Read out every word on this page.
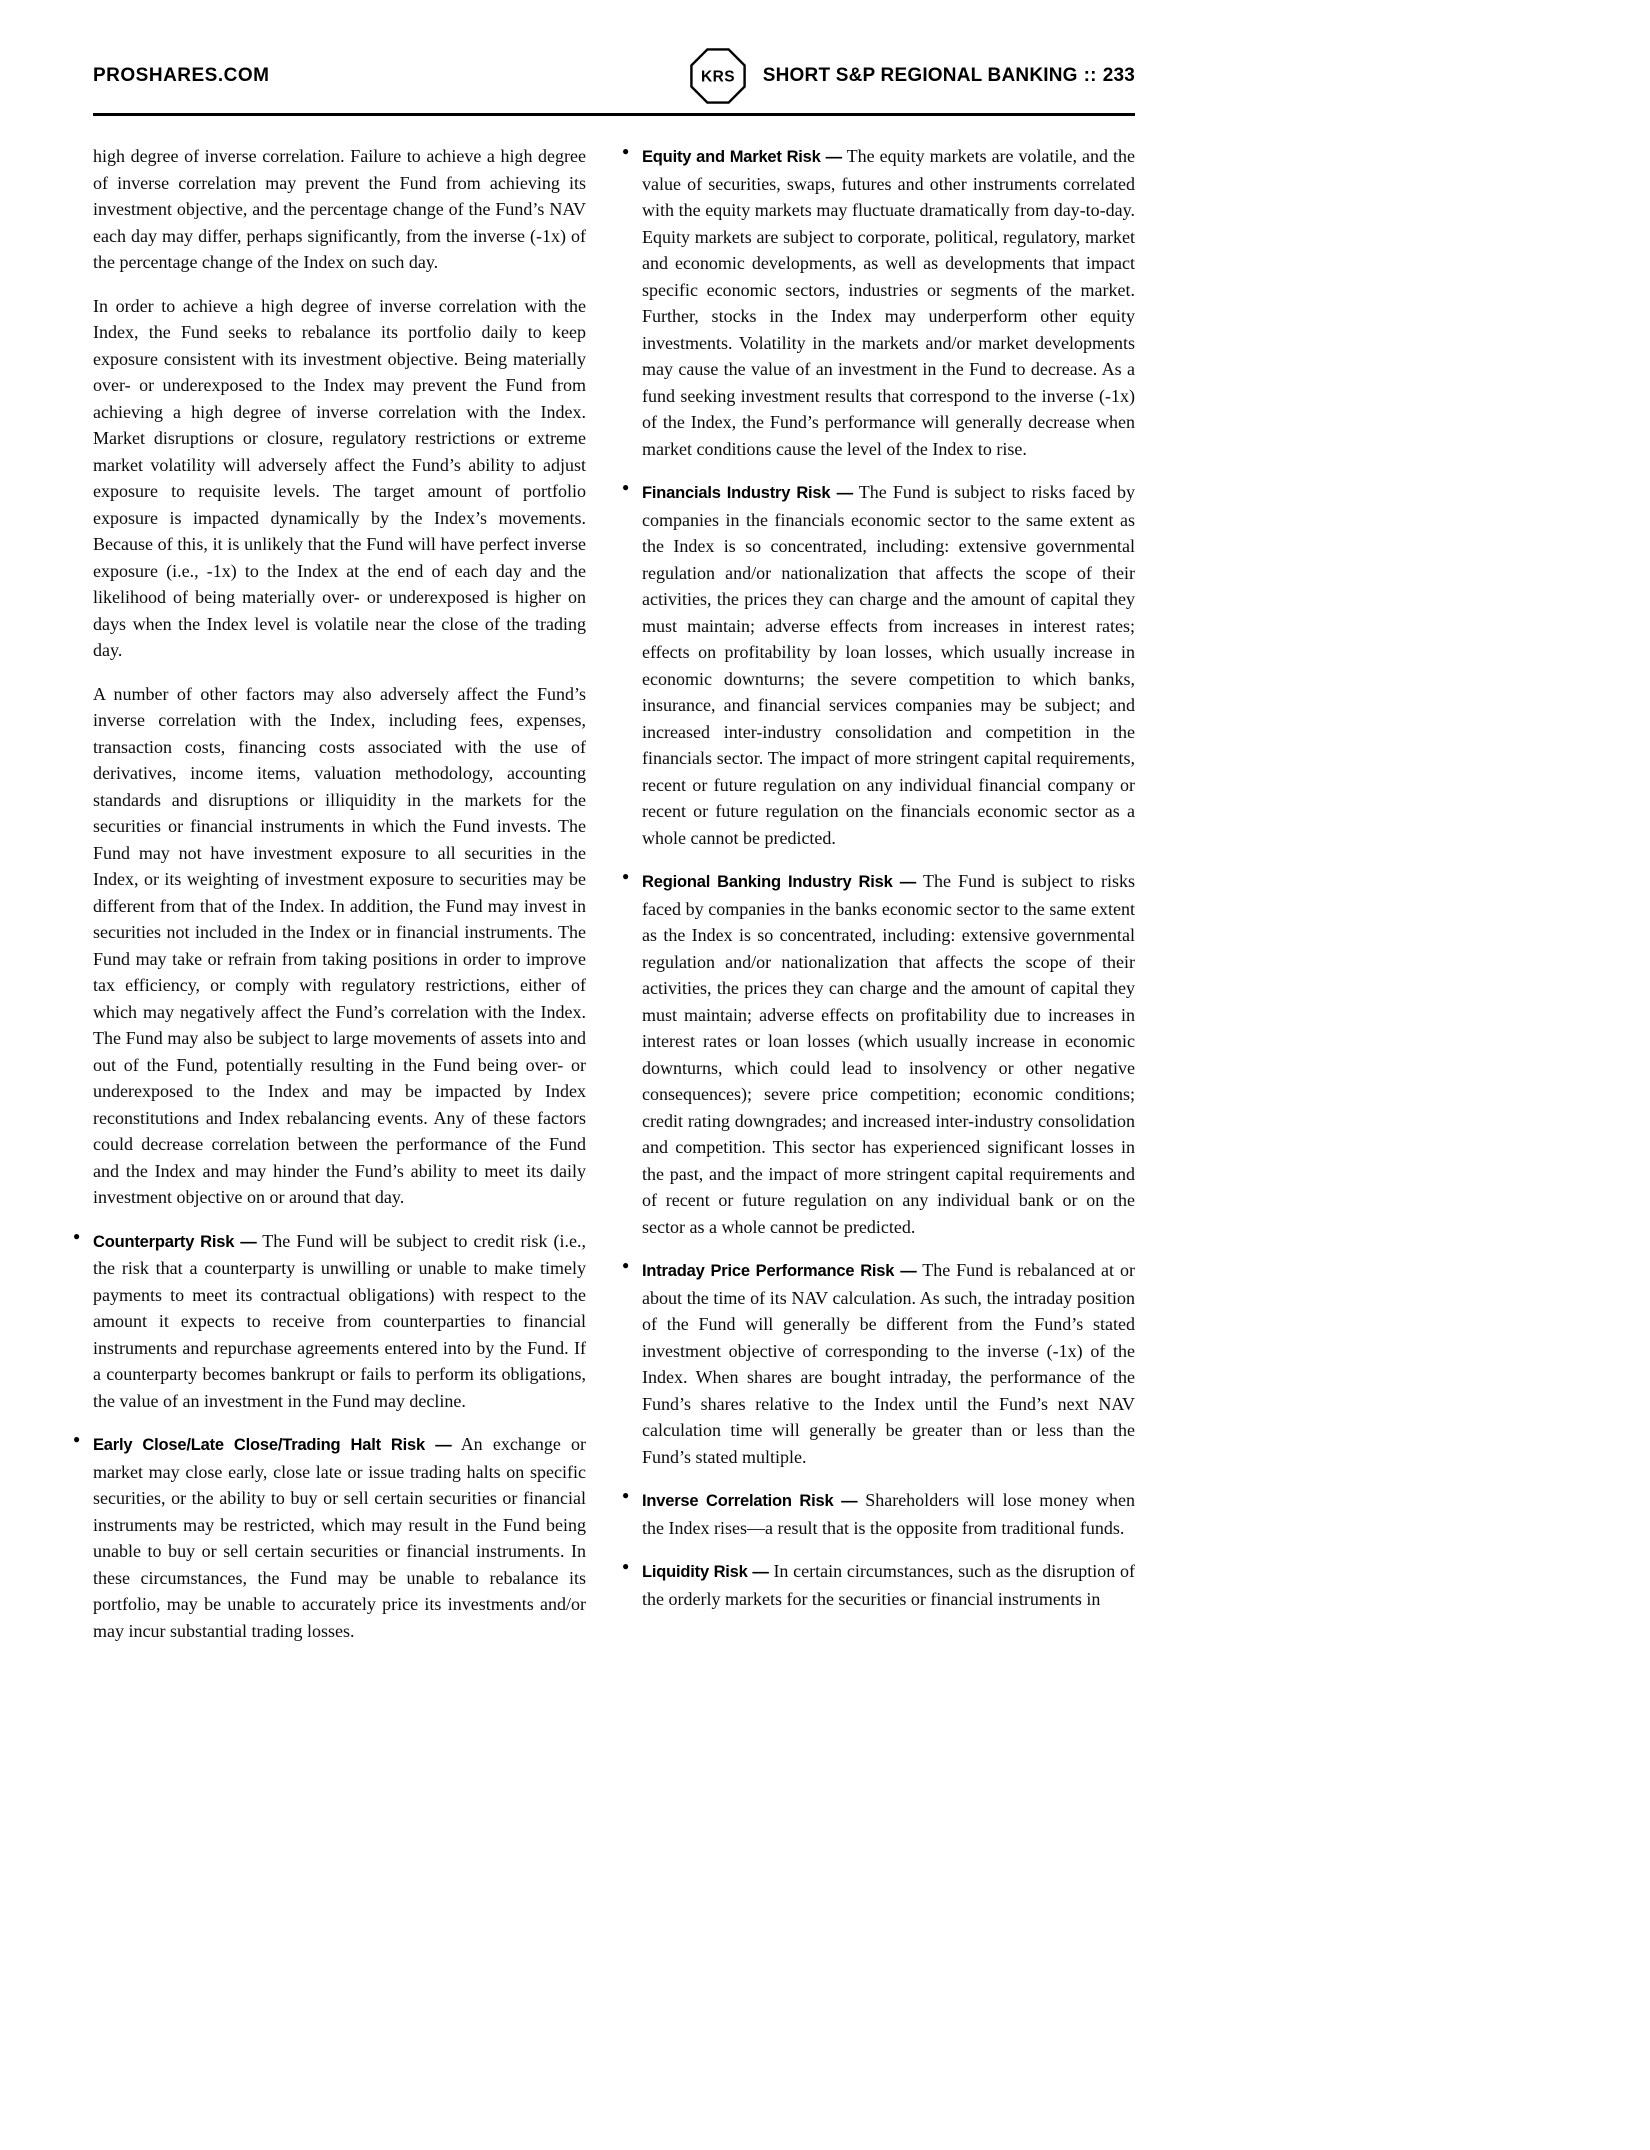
PROSHARES.COM	KRS SHORT S&P REGIONAL BANKING :: 233

high degree of inverse correlation. Failure to achieve a high degree of inverse correlation may prevent the Fund from achieving its investment objective, and the percentage change of the Fund’s NAV each day may differ, perhaps significantly, from the inverse (-1x) of the percentage change of the Index on such day.

In order to achieve a high degree of inverse correlation with the Index, the Fund seeks to rebalance its portfolio daily to keep exposure consistent with its investment objective. Being materially over- or underexposed to the Index may prevent the Fund from achieving a high degree of inverse correlation with the Index. Market disruptions or closure, regulatory restrictions or extreme market volatility will adversely affect the Fund’s ability to adjust exposure to requisite levels. The target amount of portfolio exposure is impacted dynamically by the Index’s movements. Because of this, it is unlikely that the Fund will have perfect inverse exposure (i.e., -1x) to the Index at the end of each day and the likelihood of being materially over- or underexposed is higher on days when the Index level is volatile near the close of the trading day.

A number of other factors may also adversely affect the Fund’s inverse correlation with the Index, including fees, expenses, transaction costs, financing costs associated with the use of derivatives, income items, valuation methodology, accounting standards and disruptions or illiquidity in the markets for the securities or financial instruments in which the Fund invests. The Fund may not have investment exposure to all securities in the Index, or its weighting of investment exposure to securities may be different from that of the Index. In addition, the Fund may invest in securities not included in the Index or in financial instruments. The Fund may take or refrain from taking positions in order to improve tax efficiency, or comply with regulatory restrictions, either of which may negatively affect the Fund’s correlation with the Index. The Fund may also be subject to large movements of assets into and out of the Fund, potentially resulting in the Fund being over- or underexposed to the Index and may be impacted by Index reconstitutions and Index rebalancing events. Any of these factors could decrease correlation between the performance of the Fund and the Index and may hinder the Fund’s ability to meet its daily investment objective on or around that day.

● Counterparty Risk — The Fund will be subject to credit risk (i.e., the risk that a counterparty is unwilling or unable to make timely payments to meet its contractual obligations) with respect to the amount it expects to receive from counterparties to financial instruments and repurchase agreements entered into by the Fund. If a counterparty becomes bankrupt or fails to perform its obligations, the value of an investment in the Fund may decline.
● Early Close/Late Close/Trading Halt Risk — An exchange or market may close early, close late or issue trading halts on specific securities, or the ability to buy or sell certain securities or financial instruments may be restricted, which may result in the Fund being unable to buy or sell certain securities or financial instruments. In these circumstances, the Fund may be unable to rebalance its portfolio, may be unable to accurately price its investments and/or may incur substantial trading losses.
● Equity and Market Risk — The equity markets are volatile, and the value of securities, swaps, futures and other instruments correlated with the equity markets may fluctuate dramatically from day-to-day. Equity markets are subject to corporate, political, regulatory, market and economic developments, as well as developments that impact specific economic sectors, industries or segments of the market. Further, stocks in the Index may underperform other equity investments. Volatility in the markets and/or market developments may cause the value of an investment in the Fund to decrease. As a fund seeking investment results that correspond to the inverse (-1x) of the Index, the Fund’s performance will generally decrease when market conditions cause the level of the Index to rise.
● Financials Industry Risk — The Fund is subject to risks faced by companies in the financials economic sector to the same extent as the Index is so concentrated, including: extensive governmental regulation and/or nationalization that affects the scope of their activities, the prices they can charge and the amount of capital they must maintain; adverse effects from increases in interest rates; effects on profitability by loan losses, which usually increase in economic downturns; the severe competition to which banks, insurance, and financial services companies may be subject; and increased inter-industry consolidation and competition in the financials sector. The impact of more stringent capital requirements, recent or future regulation on any individual financial company or recent or future regulation on the financials economic sector as a whole cannot be predicted.
● Regional Banking Industry Risk — The Fund is subject to risks faced by companies in the banks economic sector to the same extent as the Index is so concentrated, including: extensive governmental regulation and/or nationalization that affects the scope of their activities, the prices they can charge and the amount of capital they must maintain; adverse effects on profitability due to increases in interest rates or loan losses (which usually increase in economic downturns, which could lead to insolvency or other negative consequences); severe price competition; economic conditions; credit rating downgrades; and increased inter-industry consolidation and competition. This sector has experienced significant losses in the past, and the impact of more stringent capital requirements and of recent or future regulation on any individual bank or on the sector as a whole cannot be predicted.
● Intraday Price Performance Risk — The Fund is rebalanced at or about the time of its NAV calculation. As such, the intraday position of the Fund will generally be different from the Fund’s stated investment objective of corresponding to the inverse (-1x) of the Index. When shares are bought intraday, the performance of the Fund’s shares relative to the Index until the Fund’s next NAV calculation time will generally be greater than or less than the Fund’s stated multiple.
● Inverse Correlation Risk — Shareholders will lose money when the Index rises—a result that is the opposite from traditional funds.
● Liquidity Risk — In certain circumstances, such as the disruption of the orderly markets for the securities or financial instruments in
